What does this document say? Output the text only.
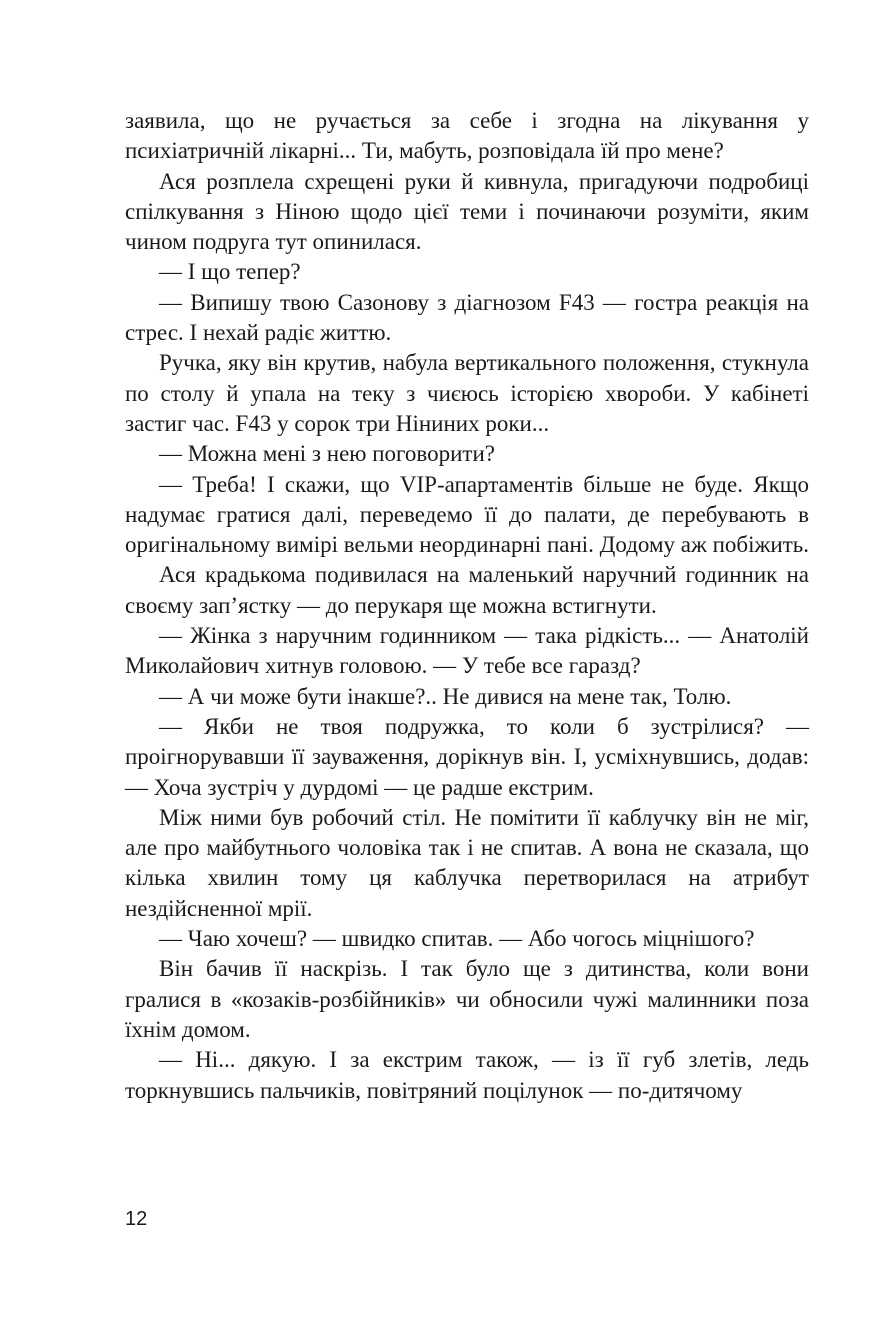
заявила, що не ручається за себе і згодна на лікування у психіатричній лікарні... Ти, мабуть, розповідала їй про мене?

Ася розплела схрещені руки й кивнула, пригадуючи подробиці спілкування з Ніною щодо цієї теми і починаючи розуміти, яким чином подруга тут опинилася.

— І що тепер?

— Випишу твою Сазонову з діагнозом F43 — гостра реакція на стрес. І нехай радіє життю.

Ручка, яку він крутив, набула вертикального положення, стукнула по столу й упала на теку з чиєюсь історією хвороби. У кабінеті застиг час. F43 у сорок три Ніниних роки...

— Можна мені з нею поговорити?

— Треба! І скажи, що VIP-апартаментів більше не буде. Якщо надумає гратися далі, переведемо її до палати, де перебувають в оригінальному вимірі вельми неординарні пані. Додому аж побіжить.

Ася крадькома подивилася на маленький наручний годинник на своєму зап’ястку — до перукаря ще можна встигнути.

— Жінка з наручним годинником — така рідкість... — Анатолій Миколайович хитнув головою. — У тебе все гаразд?

— А чи може бути інакше?.. Не дивися на мене так, Толю.

— Якби не твоя подружка, то коли б зустрілися? — проігнорувавши її зауваження, дорікнув він. І, усміхнувшись, додав: — Хоча зустріч у дурдомі — це радше екстрим.

Між ними був робочий стіл. Не помітити її каблучку він не міг, але про майбутнього чоловіка так і не спитав. А вона не сказала, що кілька хвилин тому ця каблучка перетворилася на атрибут нездійсненної мрії.

— Чаю хочеш? — швидко спитав. — Або чогось міцнішого?

Він бачив її наскрізь. І так було ще з дитинства, коли вони гралися в «козаків-розбійників» чи обносили чужі малинники поза їхнім домом.

— Ні... дякую. І за екстрим також, — із її губ злетів, ледь торкнувшись пальчиків, повітряний поцілунок — по-дитячому

12
